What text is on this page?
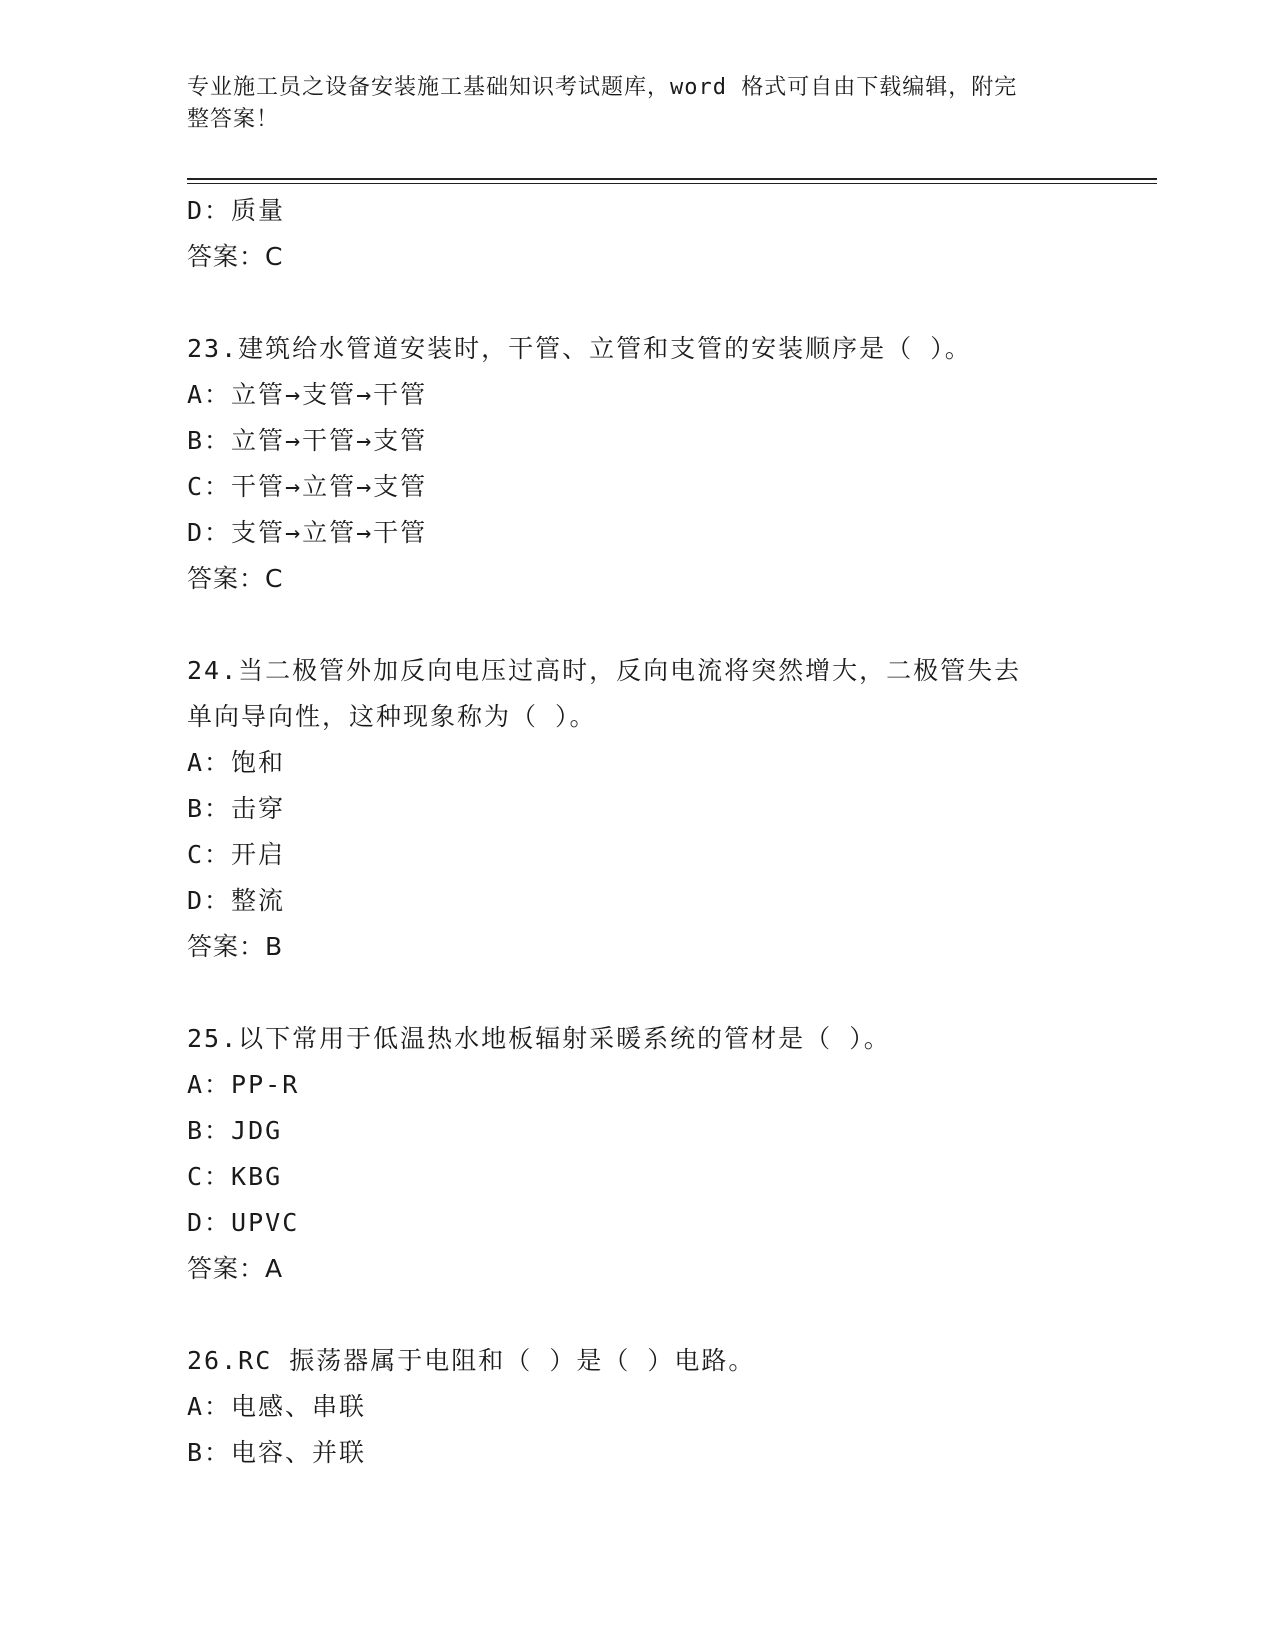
专业施工员之设备安装施工基础知识考试题库，word 格式可自由下载编辑，附完
整答案！
D：质量
答案：C
23.建筑给水管道安装时，干管、立管和支管的安装顺序是（ ）。
A：立管→支管→干管
B：立管→干管→支管
C：干管→立管→支管
D：支管→立管→干管
答案：C
24.当二极管外加反向电压过高时，反向电流将突然增大，二极管失去
单向导向性，这种现象称为（ ）。
A：饱和
B：击穿
C：开启
D：整流
答案：B
25.以下常用于低温热水地板辐射采暖系统的管材是（ ）。
A：PP-R
B：JDG
C：KBG
D：UPVC
答案：A
26.RC 振荡器属于电阻和（ ）是（ ）电路。
A：电感、串联
B：电容、并联
